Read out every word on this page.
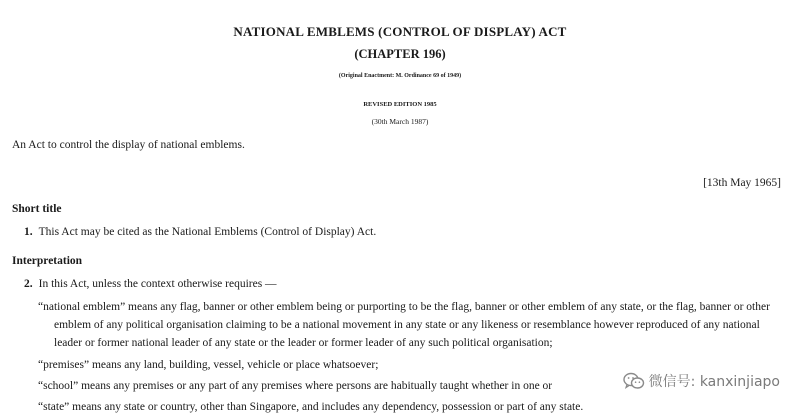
NATIONAL EMBLEMS (CONTROL OF DISPLAY) ACT
(CHAPTER 196)
(Original Enactment: M. Ordinance 69 of 1949)
REVISED EDITION 1985
(30th March 1987)
An Act to control the display of national emblems.
[13th May 1965]
Short title
1. This Act may be cited as the National Emblems (Control of Display) Act.
Interpretation
2. In this Act, unless the context otherwise requires —
“national emblem” means any flag, banner or other emblem being or purporting to be the flag, banner or other emblem of any state, or the flag, banner or other
emblem of any political organisation claiming to be a national movement in any state or any likeness or resemblance however reproduced of any national
leader or former national leader of any state or the leader or former leader of any such political organisation;
“premises” means any land, building, vessel, vehicle or place whatsoever;
“school” means any premises or any part of any premises where persons are habitually taught whether in one or
“state” means any state or country, other than Singapore, and includes any dependency, possession or part of any state.
微信号: kanxinjiapo
